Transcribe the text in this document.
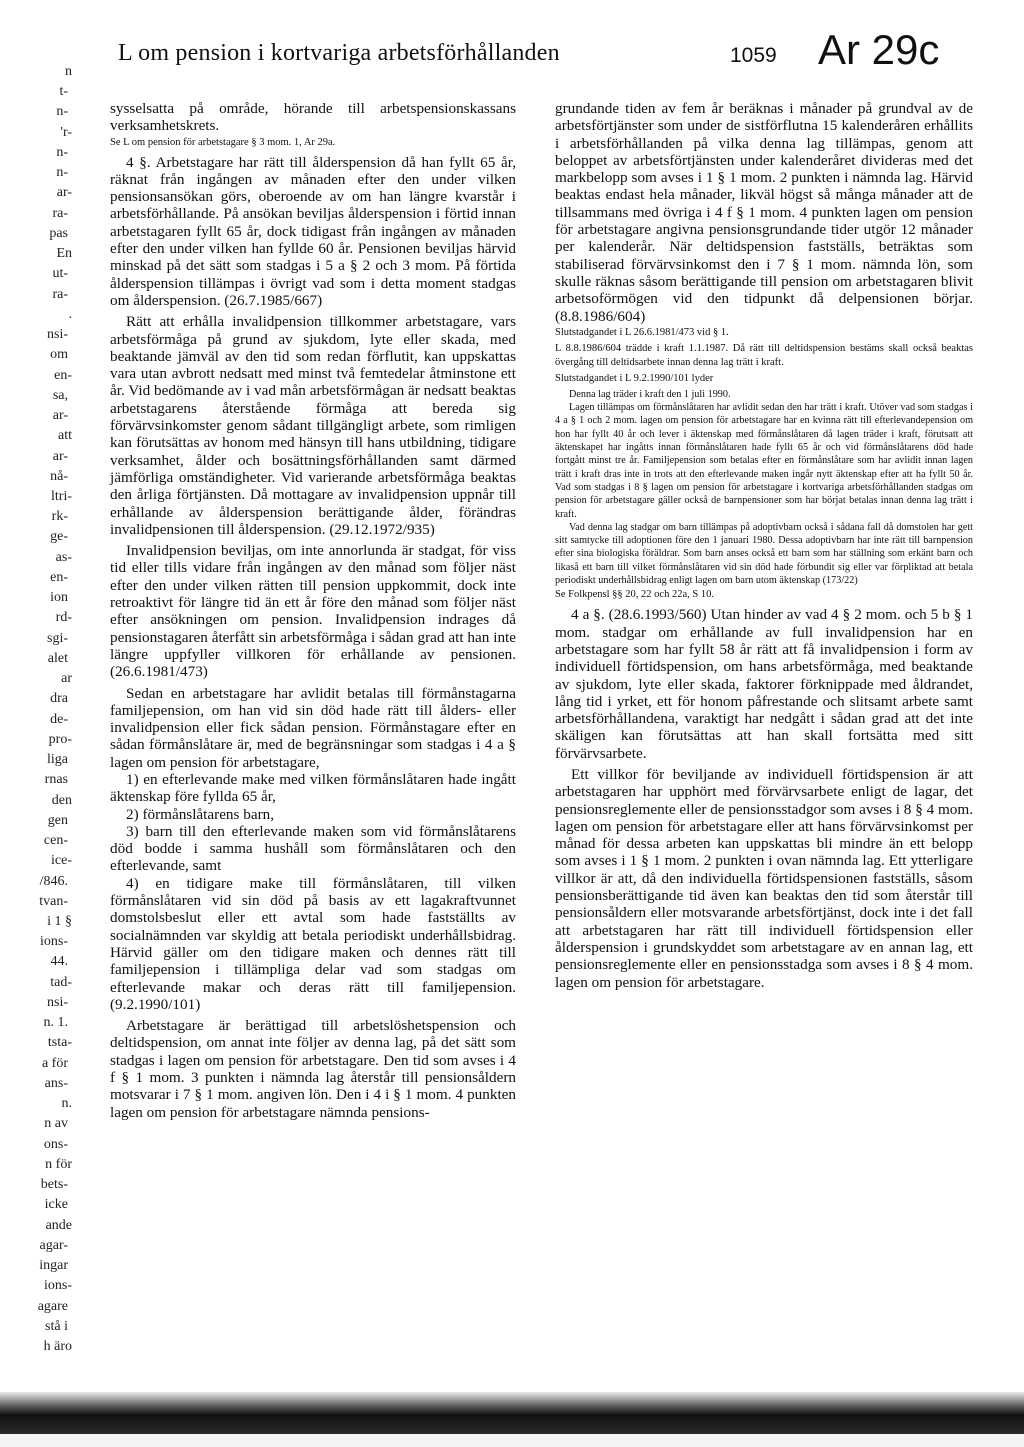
L om pension i kortvariga arbetsförhållanden	1059 Ar 29c
n
t-
n-
'r-
n-
n-
ar-
ra-
pas
En
ut-
ra-
.
nsi-
om
en-
sa,
ar-
att
ar-
nå-
ltri-
rk-
ge-
as-
en-
ion
rd-
sgi-
alet
ar
dra
de-
pro-
liga
rnas
den
gen
cen-
ice-
/846.
tvan-
i 1 §
ions-
44.
tad-
nsi-
n. 1.
tsta-
a för
ans-
n.
n av
ons-
n för
bets-
icke
ande
agar-
ingar
ions-
agare
stå i
h äro

sysselsatta på område, hörande till arbetspensionskassans verksamhetskrets.

Se L om pension för arbetstagare § 3 mom. 1, Ar 29a.

4 §. Arbetstagare har rätt till ålderspension då han fyllt 65 år, räknat från ingången av månaden efter den under vilken pensionsansökan görs, oberoende av om han längre kvarstår i arbetsförhållande. På ansökan beviljas ålderspension i förtid innan arbetstagaren fyllt 65 år, dock tidigast från ingången av månaden efter den under vilken han fyllde 60 år. Pensionen beviljas härvid minskad på det sätt som stadgas i 5 a § 2 och 3 mom. På förtida ålderspension tillämpas i övrigt vad som i detta moment stadgas om ålderspension. (26.7.1985/667)

Rätt att erhålla invalidpension tillkommer arbetstagare, vars arbetsförmåga på grund av sjukdom, lyte eller skada, med beaktande jämväl av den tid som redan förflutit, kan uppskattas vara utan avbrott nedsatt med minst två femtedelar åtminstone ett år. Vid bedömande av i vad mån arbetsförmågan är nedsatt beaktas arbetstagarens återstående förmåga att bereda sig förvärvsinkomster genom sådant tillgängligt arbete, som rimligen kan förutsättas av honom med hänsyn till hans utbildning, tidigare verksamhet, ålder och bosättningsförhållanden samt därmed jämförliga omständigheter. Vid varierande arbetsförmåga beaktas den årliga förtjänsten. Då mottagare av invalidpension uppnår till erhållande av ålderspension berättigande ålder, förändras invalidpensionen till ålderspension. (29.12.1972/935)

Invalidpension beviljas, om inte annorlunda är stadgat, för viss tid eller tills vidare från ingången av den månad som följer näst efter den under vilken rätten till pension uppkommit, dock inte retroaktivt för längre tid än ett år före den månad som följer näst efter ansökningen om pension. Invalidpension indrages då pensionstagaren återfått sin arbetsförmåga i sådan grad att han inte längre uppfyller villkoren för erhållande av pensionen. (26.6.1981/473)

Sedan en arbetstagare har avlidit betalas till förmånstagarna familjepension, om han vid sin död hade rätt till ålders- eller invalidpension eller fick sådan pension. Förmånstagare efter en sådan förmånslåtare är, med de begränsningar som stadgas i 4 a § lagen om pension för arbetstagare,

1) en efterlevande make med vilken förmånslåtaren hade ingått äktenskap före fyllda 65 år,

2) förmånslåtarens barn,

3) barn till den efterlevande maken som vid förmånslåtarens död bodde i samma hushåll som förmånslåtaren och den efterlevande, samt

4) en tidigare make till förmånslåtaren, till vilken förmånslåtaren vid sin död på basis av ett lagakraftvunnet domstolsbeslut eller ett avtal som hade fastställts av socialnämnden var skyldig att betala periodiskt underhållsbidrag. Härvid gäller om den tidigare maken och dennes rätt till familjepension i tillämpliga delar vad som stadgas om efterlevande makar och deras rätt till familjepension. (9.2.1990/101)

Arbetstagare är berättigad till arbetslöshetspension och deltidspension, om annat inte följer av denna lag, på det sätt som stadgas i lagen om pension för arbetstagare. Den tid som avses i 4 f § 1 mom. 3 punkten i nämnda lag återstår till pensionsåldern motsvarar i 7 § 1 mom. angiven lön. Den i 4 i § 1 mom. 4 punkten lagen om pension för arbetstagare nämnda pensions-

grundande tiden av fem år beräknas i månader på grundval av de arbetsförtjänster som under de sistförflutna 15 kalenderåren erhållits i arbetsförhållanden på vilka denna lag tillämpas, genom att beloppet av arbetsförtjänsten under kalenderåret divideras med det markbelopp som avses i 1 § 1 mom. 2 punkten i nämnda lag. Härvid beaktas endast hela månader, likväl högst så många månader att de tillsammans med övriga i 4 f § 1 mom. 4 punkten lagen om pension för arbetstagare angivna pensionsgrundande tider utgör 12 månader per kalenderår. När deltidspension fastställs, beträktas som stabiliserad förvärvsinkomst den i 7 § 1 mom. nämnda lön, som skulle räknas såsom berättigande till pension om arbetstagaren blivit arbetsoförmögen vid den tidpunkt då delpensionen börjar. (8.8.1986/604)

Slutstadgandet i L 26.6.1981/473 vid § 1.

L 8.8.1986/604 trädde i kraft 1.1.1987. Då rätt till deltidspension bestäms skall också beaktas övergång till deltidsarbete innan denna lag trätt i kraft.

Slutstadgandet i L 9.2.1990/101 lyder

Denna lag träder i kraft den 1 juli 1990.

Lagen tillämpas om förmånslåtaren har avlidit sedan den har trätt i kraft. Utöver vad som stadgas i 4 a § 1 och 2 mom. lagen om pension för arbetstagare har en kvinna rätt till efterlevandepension om hon har fyllt 40 år och lever i äktenskap med förmånslåtaren då lagen träder i kraft, förutsatt att äktenskapet har ingåtts innan förmånslåtaren hade fyllt 65 år och vid förmånslåtarens död hade fortgått minst tre år. Familjepension som betalas efter en förmånslåtare som har avlidit innan lagen trätt i kraft dras inte in trots att den efterlevande maken ingår nytt äktenskap efter att ha fyllt 50 år. Vad som stadgas i 8 § lagen om pension för arbetstagare i kortvariga arbetsförhållanden stadgas om pension för arbetstagare gäller också de barnpensioner som har börjat betalas innan denna lag trätt i kraft.

Vad denna lag stadgar om barn tillämpas på adoptivbarn också i sådana fall då domstolen har gett sitt samtycke till adoptionen före den 1 januari 1980. Dessa adoptivbarn har inte rätt till barnpension efter sina biologiska föräldrar. Som barn anses också ett barn som har ställning som erkänt barn och likaså ett barn till vilket förmånslåtaren vid sin död hade förbundit sig eller var förpliktad att betala periodiskt underhållsbidrag enligt lagen om barn utom äktenskap (173/22)

Se Folkpensl §§ 20, 22 och 22a, S 10.

4 a §. (28.6.1993/560) Utan hinder av vad 4 § 2 mom. och 5 b § 1 mom. stadgar om erhållande av full invalidpension har en arbetstagare som har fyllt 58 år rätt att få invalidpension i form av individuell förtidspension, om hans arbetsförmåga, med beaktande av sjukdom, lyte eller skada, faktorer förknippade med åldrandet, lång tid i yrket, ett för honom påfrestande och slitsamt arbete samt arbetsförhållandena, varaktigt har nedgått i sådan grad att det inte skäligen kan förutsättas att han skall fortsätta med sitt förvärvsarbete.

Ett villkor för beviljande av individuell förtidspension är att arbetstagaren har upphört med förvärvsarbete enligt de lagar, det pensionsreglemente eller de pensionsstadgor som avses i 8 § 4 mom. lagen om pension för arbetstagare eller att hans förvärvsinkomst per månad för dessa arbeten kan uppskattas bli mindre än ett belopp som avses i 1 § 1 mom. 2 punkten i ovan nämnda lag. Ett ytterligare villkor är att, då den individuella förtidspensionen fastställs, såsom pensionsberättigande tid även kan beaktas den tid som återstår till pensionsåldern eller motsvarande arbetsförtjänst, dock inte i det fall att arbetstagaren har rätt till individuell förtidspension eller ålderspension i grundskyddet som arbetstagare av en annan lag, ett pensionsreglemente eller en pensionsstadga som avses i 8 § 4 mom. lagen om pension för arbetstagare.
